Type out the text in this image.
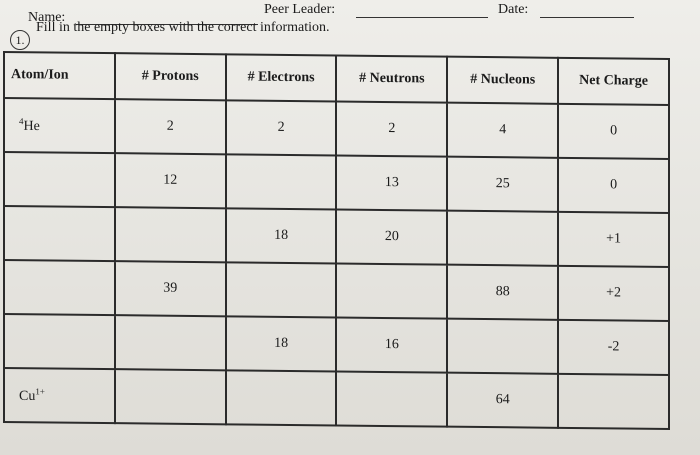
Name:
Peer Leader:	Date:
1.
Fill in the empty boxes with the correct information.
Atom/Ion	# Protons	# Electrons	# Neutrons	# Nucleons	Net Charge
$^4$He	2	2	2	4	0
	12		13	25	0
		18	20		+1
	39			88	+2
		18	16		-2
$Cu^{1+}$				64	
